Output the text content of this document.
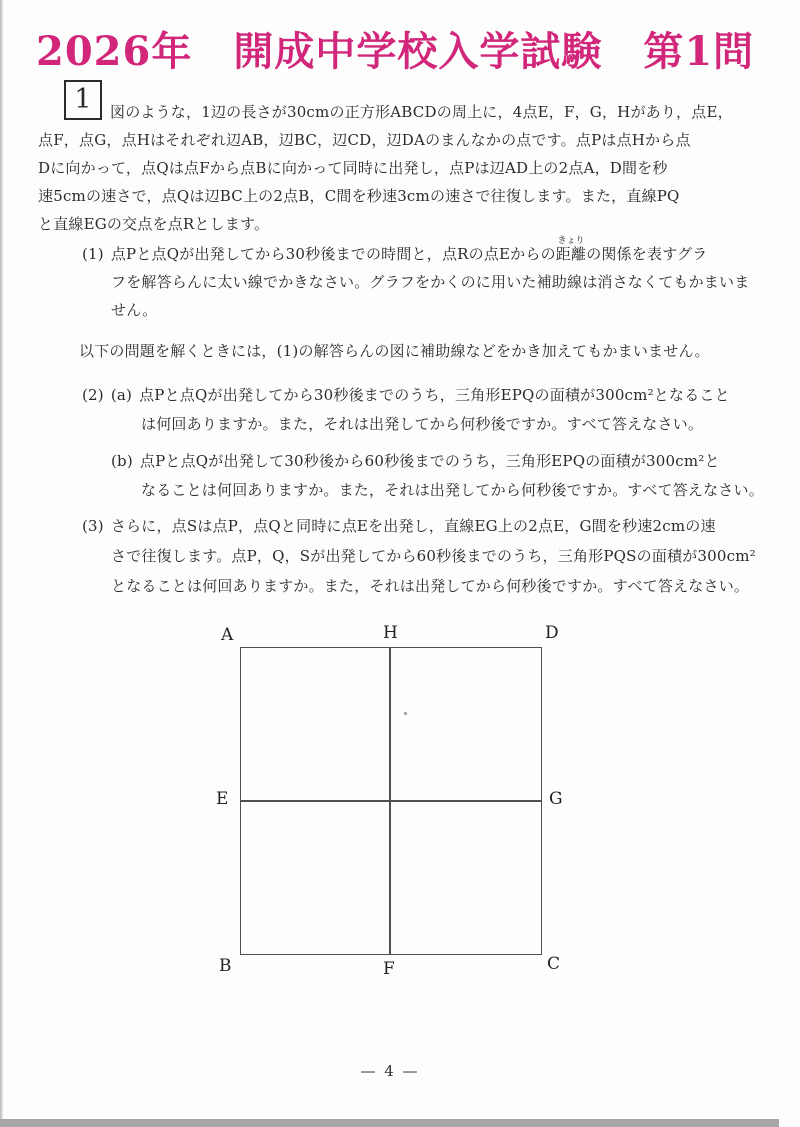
2026年　開成中学校入学試験　第1問
1	図のような，1辺の長さが30cmの正方形ABCDの周上に，4点E，F，G，Hがあり，点E，
点F，点G，点Hはそれぞれ辺AB，辺BC，辺CD，辺DAのまんなかの点です。点Pは点Hから点
Dに向かって，点Qは点Fから点Bに向かって同時に出発し，点Pは辺AD上の2点A，D間を秒
速5cmの速さで，点Qは辺BC上の2点B，C間を秒速3cmの速さで往復します。また，直線PQ
と直線EGの交点を点Rとします。
(1) 点Pと点Qが出発してから30秒後までの時間と，点Rの点Eからの
きょり
距離の関係を表すグラ
フを解答らんに太い線でかきなさい。グラフをかくのに用いた補助線は消さなくてもかまいま
せん。
以下の問題を解くときには，(1)の解答らんの図に補助線などをかき加えてもかまいません。
(2) (a) 点Pと点Qが出発してから30秒後までのうち，三角形EPQの面積が300cm²となること
は何回ありますか。また，それは出発してから何秒後ですか。すべて答えなさい。
(b) 点Pと点Qが出発して30秒後から60秒後までのうち，三角形EPQの面積が300cm²と
なることは何回ありますか。また，それは出発してから何秒後ですか。すべて答えなさい。
(3) さらに，点Sは点P，点Qと同時に点Eを出発し，直線EG上の2点E，G間を秒速2cmの速
さで往復します。点P，Q，Sが出発してから60秒後までのうち，三角形PQSの面積が300cm²
となることは何回ありますか。また，それは出発してから何秒後ですか。すべて答えなさい。
A	H	D
E	G
B	F	C
— 4 —
